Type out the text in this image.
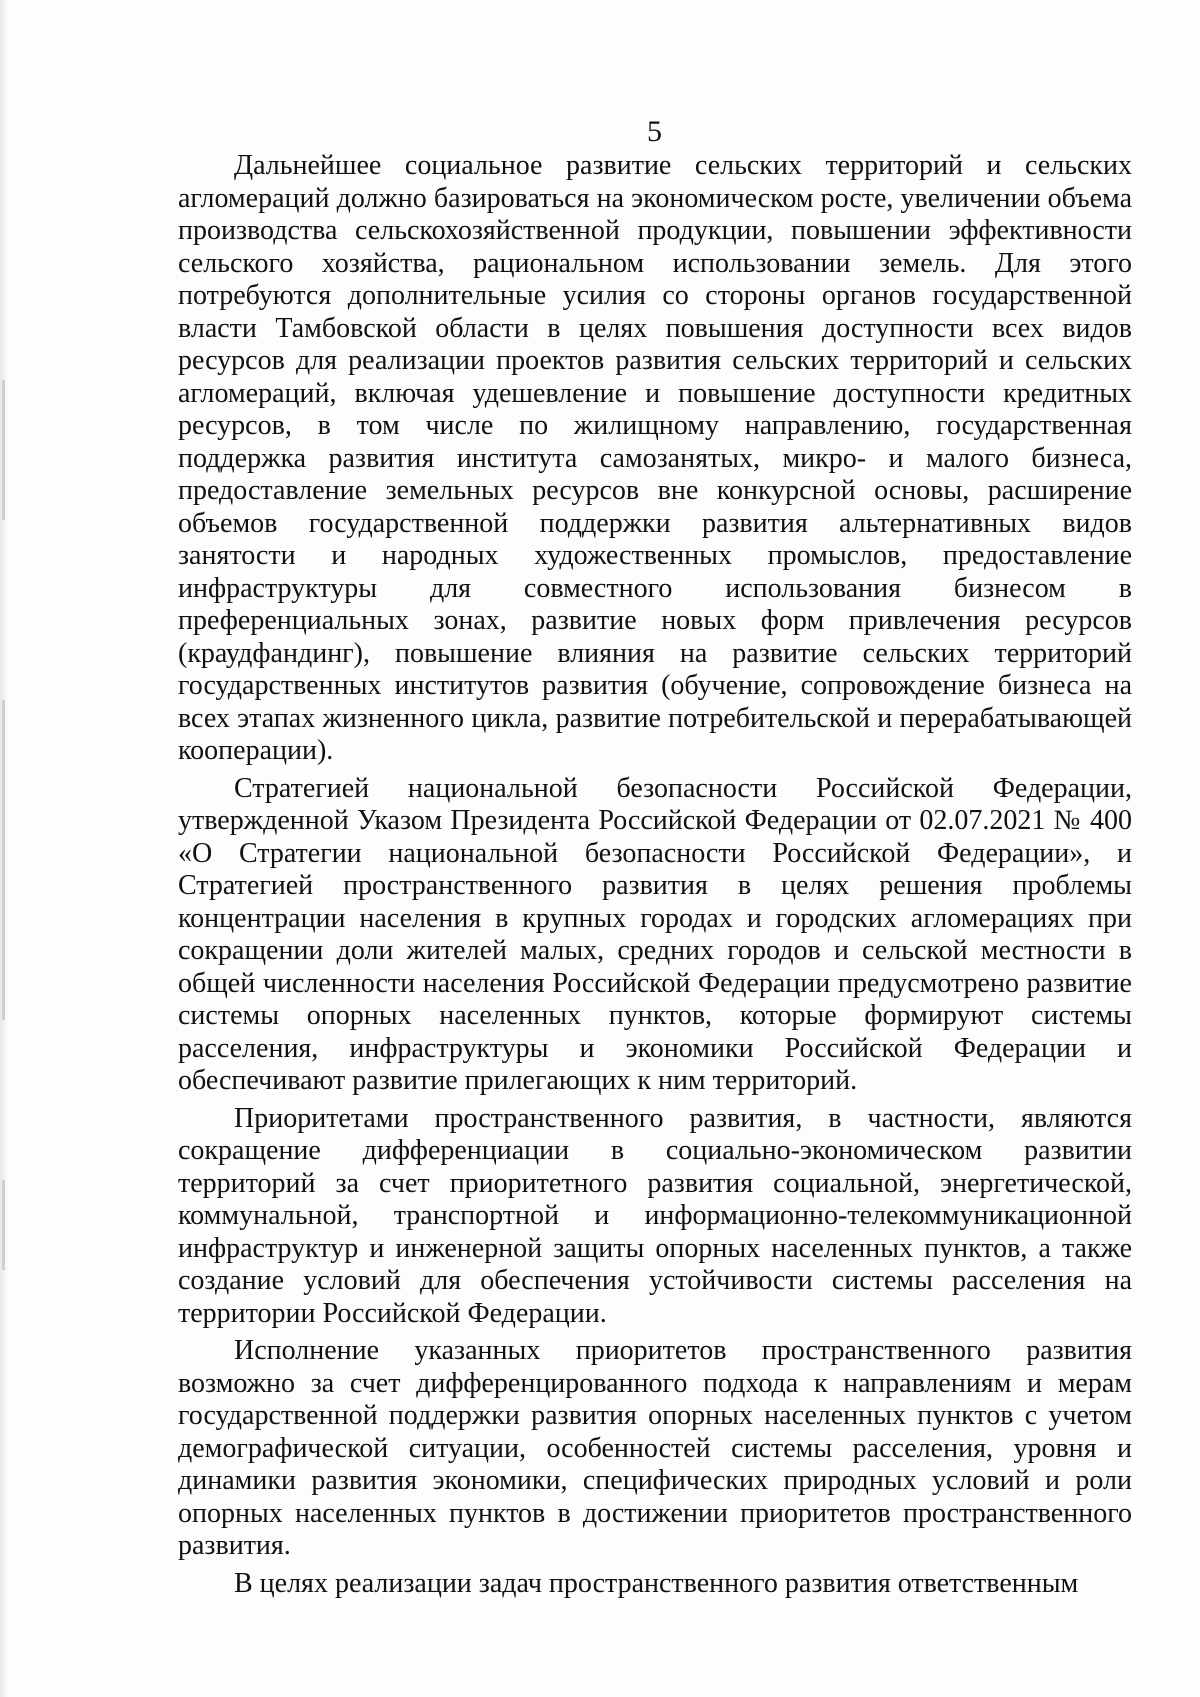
5

Дальнейшее социальное развитие сельских территорий и сельских агломераций должно базироваться на экономическом росте, увеличении объема производства сельскохозяйственной продукции, повышении эффективности сельского хозяйства, рациональном использовании земель. Для этого потребуются дополнительные усилия со стороны органов государственной власти Тамбовской области в целях повышения доступности всех видов ресурсов для реализации проектов развития сельских территорий и сельских агломераций, включая удешевление и повышение доступности кредитных ресурсов, в том числе по жилищному направлению, государственная поддержка развития института самозанятых, микро- и малого бизнеса, предоставление земельных ресурсов вне конкурсной основы, расширение объемов государственной поддержки развития альтернативных видов занятости и народных художественных промыслов, предоставление инфраструктуры для совместного использования бизнесом в преференциальных зонах, развитие новых форм привлечения ресурсов (краудфандинг), повышение влияния на развитие сельских территорий государственных институтов развития (обучение, сопровождение бизнеса на всех этапах жизненного цикла, развитие потребительской и перерабатывающей кооперации).

Стратегией национальной безопасности Российской Федерации, утвержденной Указом Президента Российской Федерации от 02.07.2021 № 400 «О Стратегии национальной безопасности Российской Федерации», и Стратегией пространственного развития в целях решения проблемы концентрации населения в крупных городах и городских агломерациях при сокращении доли жителей малых, средних городов и сельской местности в общей численности населения Российской Федерации предусмотрено развитие системы опорных населенных пунктов, которые формируют системы расселения, инфраструктуры и экономики Российской Федерации и обеспечивают развитие прилегающих к ним территорий.

Приоритетами пространственного развития, в частности, являются сокращение дифференциации в социально-экономическом развитии территорий за счет приоритетного развития социальной, энергетической, коммунальной, транспортной и информационно-телекоммуникационной инфраструктур и инженерной защиты опорных населенных пунктов, а также создание условий для обеспечения устойчивости системы расселения на территории Российской Федерации.

Исполнение указанных приоритетов пространственного развития возможно за счет дифференцированного подхода к направлениям и мерам государственной поддержки развития опорных населенных пунктов с учетом демографической ситуации, особенностей системы расселения, уровня и динамики развития экономики, специфических природных условий и роли опорных населенных пунктов в достижении приоритетов пространственного развития.

В целях реализации задач пространственного развития ответственным
